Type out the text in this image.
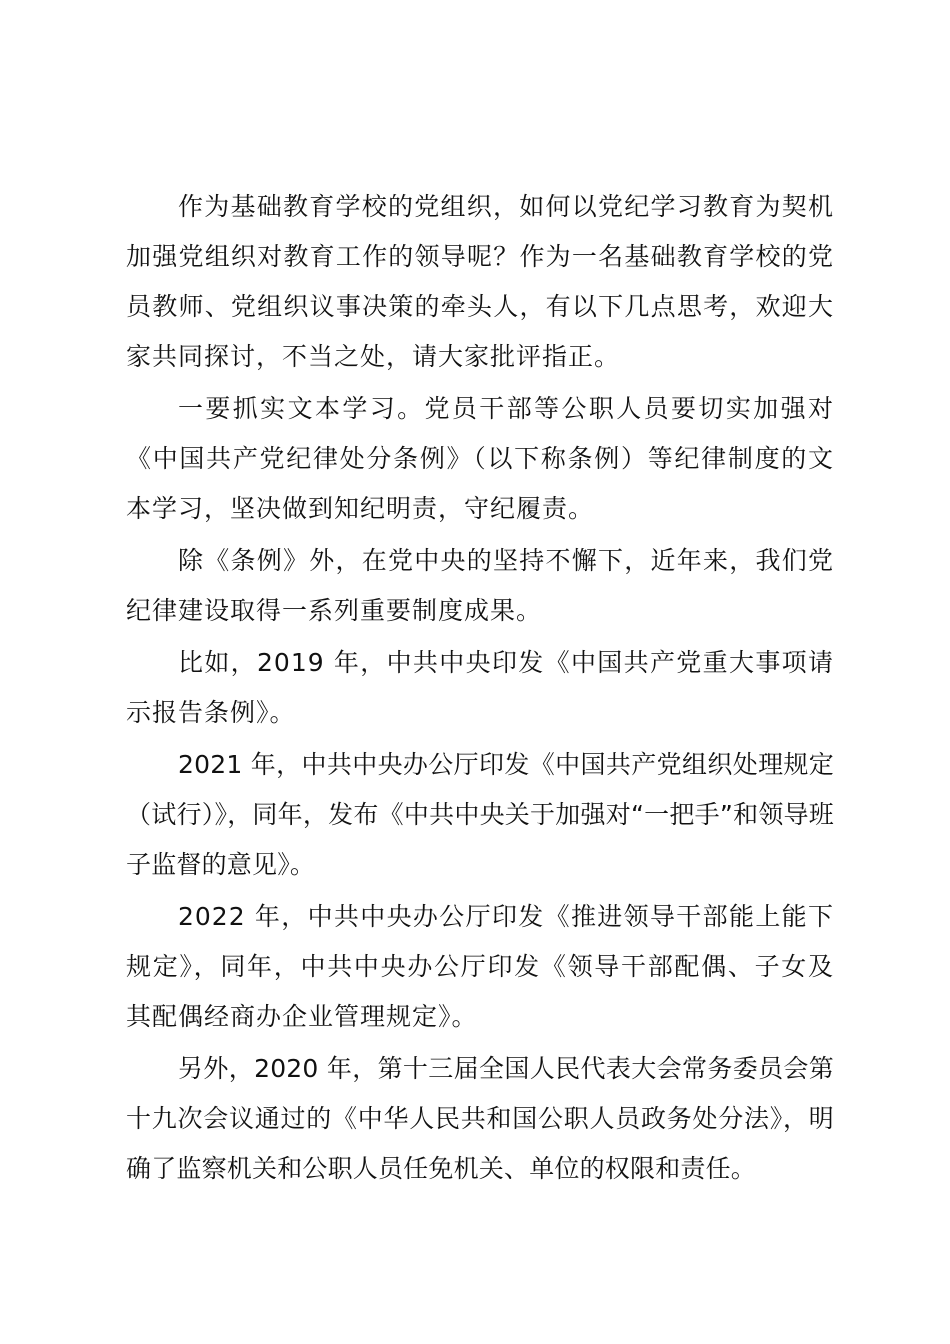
作为基础教育学校的党组织，如何以党纪学习教育为契机加强党组织对教育工作的领导呢？作为一名基础教育学校的党员教师、党组织议事决策的牵头人，有以下几点思考，欢迎大家共同探讨，不当之处，请大家批评指正。

一要抓实文本学习。党员干部等公职人员要切实加强对《中国共产党纪律处分条例》（以下称条例）等纪律制度的文本学习，坚决做到知纪明责，守纪履责。

除《条例》外，在党中央的坚持不懈下，近年来，我们党纪律建设取得一系列重要制度成果。

比如，2019 年，中共中央印发《中国共产党重大事项请示报告条例》。

2021 年，中共中央办公厅印发《中国共产党组织处理规定（试行）》，同年，发布《中共中央关于加强对“一把手”和领导班子监督的意见》。

2022 年，中共中央办公厅印发《推进领导干部能上能下规定》，同年，中共中央办公厅印发《领导干部配偶、子女及其配偶经商办企业管理规定》。

另外，2020 年，第十三届全国人民代表大会常务委员会第十九次会议通过的《中华人民共和国公职人员政务处分法》，明确了监察机关和公职人员任免机关、单位的权限和责任。
